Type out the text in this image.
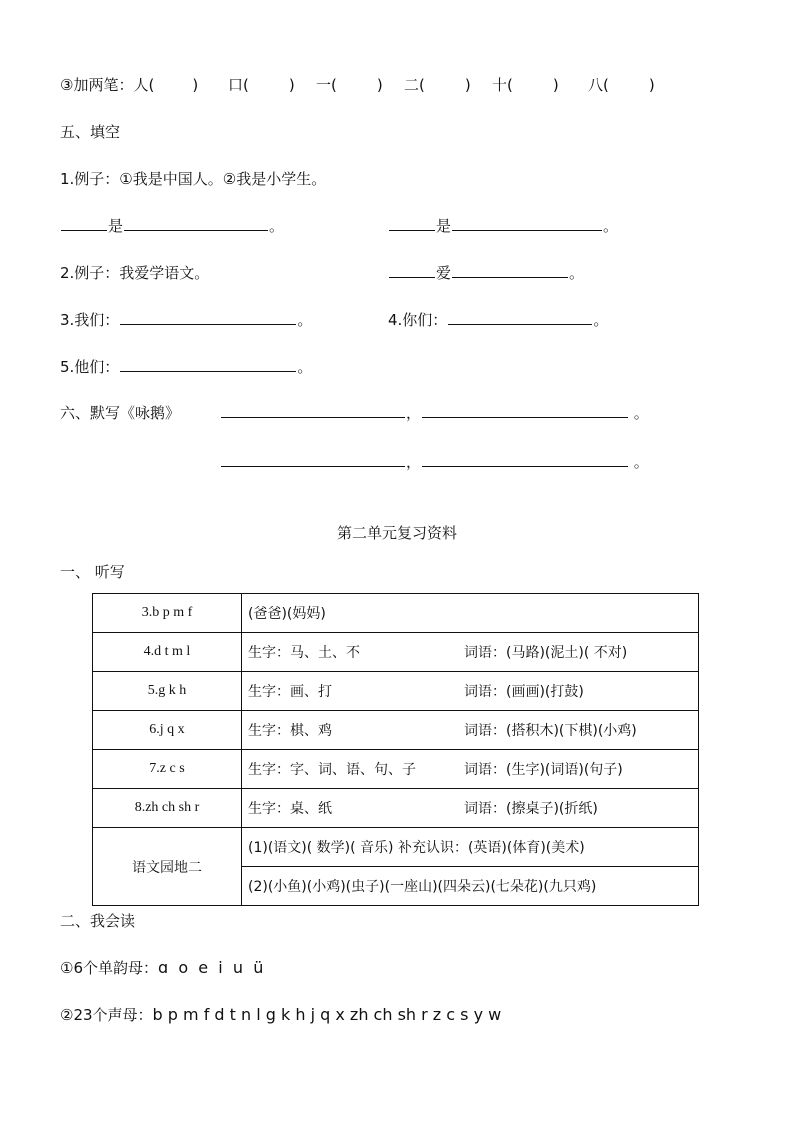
③加两笔：人(	) 口(	) 一(	) 二(	) 十(	) 八(	)
五、填空
1.例子：①我是中国人。②我是小学生。
是	。	是	。
2.例子：我爱学语文。	爱	。
3.我们：	。	4.你们：	。
5.他们：	。
六、默写《咏鹅》	，	。
，	。
第二单元复习资料
一、 听写
3.b p m f	(爸爸)(妈妈)
4.d t m l	生字：马、土、不 词语：(马路)(泥土)( 不对)
5.g k h	生字：画、打 词语：(画画)(打鼓)
6.j q x	生字：棋、鸡 词语：(搭积木)(下棋)(小鸡)
7.z c s	生字：字、词、语、句、子 词语：(生字)(词语)(句子)
8.zh ch sh r	生字：桌、纸 词语：(擦桌子)(折纸)
语文园地二	(1)(语文)( 数学)( 音乐) 补充认识：(英语)(体育)(美术)
	(2)(小鱼)(小鸡)(虫子)(一座山)(四朵云)(七朵花)(九只鸡)
二、我会读
①6个单韵母：ɑ  o  e  i  u  ü
②23个声母：b p m f d t n l g k h j q x zh ch sh r z c s y w
